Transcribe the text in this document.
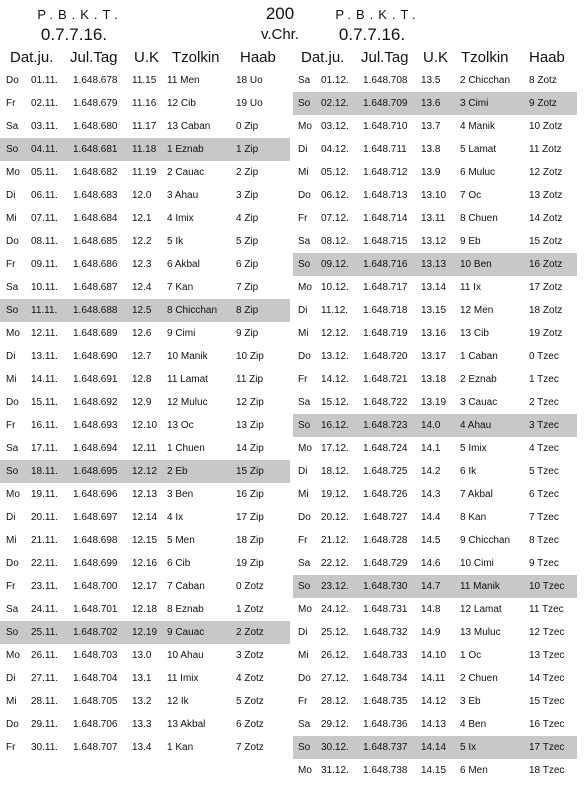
P.B.K.T.
0.7.7.16.
200
v.Chr.
P.B.K.T.
0.7.7.16.
Dat.ju. Jul.Tag U.K Tzolkin Haab
Do 01.11. 1.648.678 11.15 11 Men	18 Uo
Fr 02.11. 1.648.679 11.16 12 Cib	19 Uo
Sa 03.11. 1.648.680 11.17 13 Caban	0 Zip
So 04.11. 1.648.681 11.18 1 Eznab	1 Zip
Mo 05.11. 1.648.682 11.19 2 Cauac	2 Zip
Di 06.11. 1.648.683 12.0 3 Ahau	3 Zip
Mi 07.11. 1.648.684 12.1 4 Imix	4 Zip
Do 08.11. 1.648.685 12.2 5 Ik	5 Zip
Fr 09.11. 1.648.686 12.3 6 Akbal	6 Zip
Sa 10.11. 1.648.687 12.4 7 Kan	7 Zip
So 11.11. 1.648.688 12.5 8 Chicchan 8 Zip
Mo 12.11. 1.648.689 12.6 9 Cimi	9 Zip
Di 13.11. 1.648.690 12.7 10 Manik	10 Zip
Mi 14.11. 1.648.691 12.8 11 Lamat	11 Zip
Do 15.11. 1.648.692 12.9 12 Muluc	12 Zip
Fr 16.11. 1.648.693 12.10 13 Oc	13 Zip
Sa 17.11. 1.648.694 12.11 1 Chuen	14 Zip
So 18.11. 1.648.695 12.12 2 Eb	15 Zip
Mo 19.11. 1.648.696 12.13 3 Ben	16 Zip
Di 20.11. 1.648.697 12.14 4 Ix	17 Zip
Mi 21.11. 1.648.698 12.15 5 Men	18 Zip
Do 22.11. 1.648.699 12.16 6 Cib	19 Zip
Fr 23.11. 1.648.700 12.17 7 Caban	0 Zotz
Sa 24.11. 1.648.701 12.18 8 Eznab	1 Zotz
So 25.11. 1.648.702 12.19 9 Cauac	2 Zotz
Mo 26.11. 1.648.703 13.0 10 Ahau	3 Zotz
Di 27.11. 1.648.704 13.1 11 Imix	4 Zotz
Mi 28.11. 1.648.705 13.2 12 Ik	5 Zotz
Do 29.11. 1.648.706 13.3 13 Akbal	6 Zotz
Fr 30.11. 1.648.707 13.4 1 Kan	7 Zotz
Dat.ju. Jul.Tag U.K Tzolkin Haab
Sa 01.12. 1.648.708 13.5 2 Chicchan 8 Zotz
So 02.12. 1.648.709 13.6 3 Cimi	9 Zotz
Mo 03.12. 1.648.710 13.7 4 Manik	10 Zotz
Di 04.12. 1.648.711 13.8 5 Lamat	11 Zotz
Mi 05.12. 1.648.712 13.9 6 Muluc	12 Zotz
Do 06.12. 1.648.713 13.10 7 Oc	13 Zotz
Fr 07.12. 1.648.714 13.11 8 Chuen	14 Zotz
Sa 08.12. 1.648.715 13.12 9 Eb	15 Zotz
So 09.12. 1.648.716 13.13 10 Ben	16 Zotz
Mo 10.12. 1.648.717 13.14 11 Ix	17 Zotz
Di 11.12. 1.648.718 13.15 12 Men	18 Zotz
Mi 12.12. 1.648.719 13.16 13 Cib	19 Zotz
Do 13.12. 1.648.720 13.17 1 Caban	0 Tzec
Fr 14.12. 1.648.721 13.18 2 Eznab	1 Tzec
Sa 15.12. 1.648.722 13.19 3 Cauac	2 Tzec
So 16.12. 1.648.723 14.0 4 Ahau	3 Tzec
Mo 17.12. 1.648.724 14.1 5 Imix	4 Tzec
Di 18.12. 1.648.725 14.2 6 Ik	5 Tzec
Mi 19.12. 1.648.726 14.3 7 Akbal	6 Tzec
Do 20.12. 1.648.727 14.4 8 Kan	7 Tzec
Fr 21.12. 1.648.728 14.5 9 Chicchan 8 Tzec
Sa 22.12. 1.648.729 14.6 10 Cimi	9 Tzec
So 23.12. 1.648.730 14.7 11 Manik	10 Tzec
Mo 24.12. 1.648.731 14.8 12 Lamat	11 Tzec
Di 25.12. 1.648.732 14.9 13 Muluc	12 Tzec
Mi 26.12. 1.648.733 14.10 1 Oc	13 Tzec
Do 27.12. 1.648.734 14.11 2 Chuen	14 Tzec
Fr 28.12. 1.648.735 14.12 3 Eb	15 Tzec
Sa 29.12. 1.648.736 14.13 4 Ben	16 Tzec
So 30.12. 1.648.737 14.14 5 Ix	17 Tzec
Mo 31.12. 1.648.738 14.15 6 Men	18 Tzec
